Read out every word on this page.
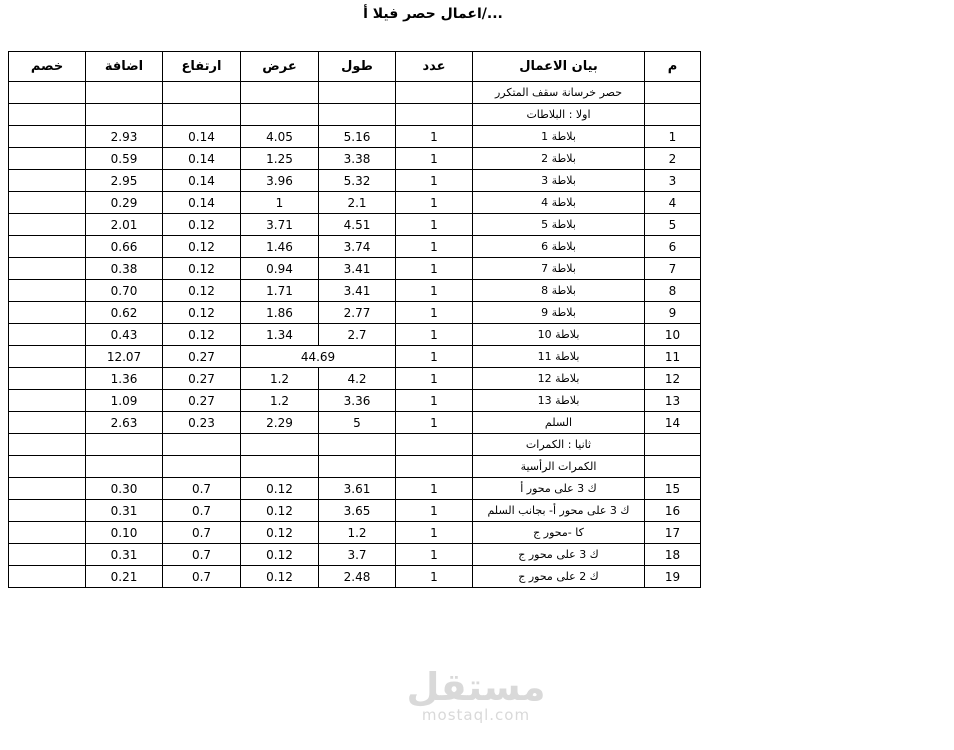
اعمال حصر فيلا أ/...
خصم	اضافة	ارتفاع	عرض	طول	عدد	بيان الاعمال	م
						حصر خرسانة سقف المتكرر	
						اولا : البلاطات	
	2.93	0.14	4.05	5.16	1	بلاطة 1	1
	0.59	0.14	1.25	3.38	1	بلاطة 2	2
	2.95	0.14	3.96	5.32	1	بلاطة 3	3
	0.29	0.14	1	2.1	1	بلاطة 4	4
	2.01	0.12	3.71	4.51	1	بلاطة 5	5
	0.66	0.12	1.46	3.74	1	بلاطة 6	6
	0.38	0.12	0.94	3.41	1	بلاطة 7	7
	0.70	0.12	1.71	3.41	1	بلاطة 8	8
	0.62	0.12	1.86	2.77	1	بلاطة 9	9
	0.43	0.12	1.34	2.7	1	بلاطة 10	10
	12.07	0.27	44.69		1	بلاطة 11	11
	1.36	0.27	1.2	4.2	1	بلاطة 12	12
	1.09	0.27	1.2	3.36	1	بلاطة 13	13
	2.63	0.23	2.29	5	1	السلم	14
						ثانيا : الكمرات	
						الكمرات الرأسية	
	0.30	0.7	0.12	3.61	1	ك 3 على محور أ	15
	0.31	0.7	0.12	3.65	1	ك 3 على محور أ- بجانب السلم	16
	0.10	0.7	0.12	1.2	1	كا -محور ج	17
	0.31	0.7	0.12	3.7	1	ك 3 على محور ج	18
	0.21	0.7	0.12	2.48	1	ك 2 على محور ج	19
مستقل
mostaql.com
